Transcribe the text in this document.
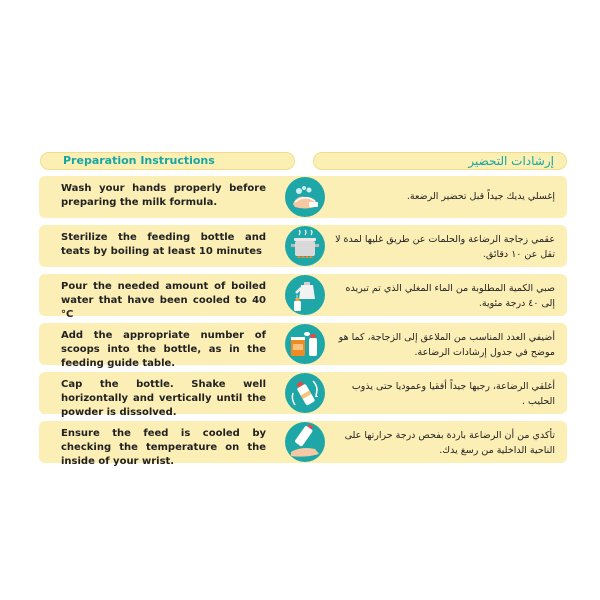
Preparation Instructions	إرشادات التحضير
Wash your hands properly before preparing the milk formula.
إغسلي يديك جيداً قبل تحضير الرضعة.
Sterilize the feeding bottle and teats by boiling at least 10 minutes
عقمي زجاجة الرضاعة والحلمات عن طريق غليها لمدة لا تقل عن ١٠ دقائق.
Pour the needed amount of boiled water that have been cooled to 40 °C
صبي الكمية المطلوبة من الماء المغلي الذي تم تبريده إلى ٤٠ درجة مئوية.
Add the appropriate number of scoops into the bottle, as in the feeding guide table.
أضيفي العدد المناسب من الملاعق إلى الزجاجة، كما هو موضح في جدول إرشادات الرضاعة.
Cap the bottle. Shake well horizontally and vertically until the powder is dissolved.
أغلقي الرضاعة، رجيها جيداً أفقيا وعموديا حتى يذوب الحليب .
Ensure the feed is cooled by checking the temperature on the inside of your wrist.
تأكدي من أن الرضاعة باردة بفحص درجة حرارتها على الناحية الداخلية من رسغ يدك.
